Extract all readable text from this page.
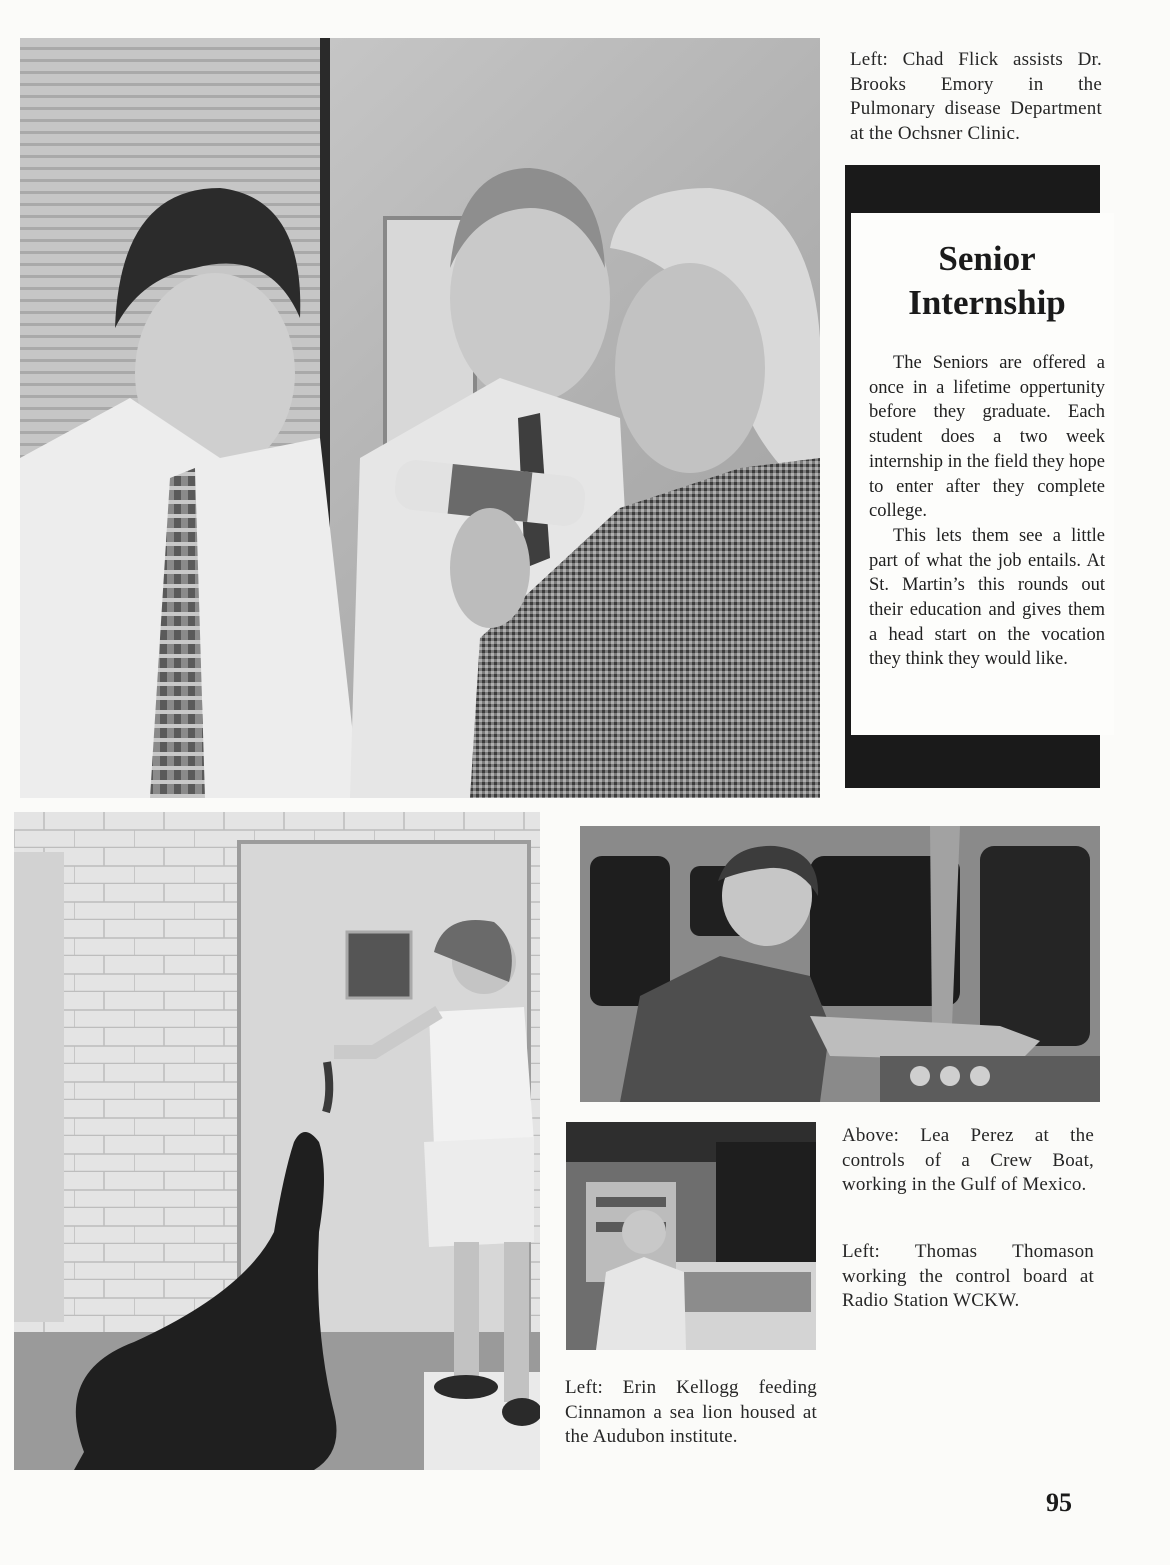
Left: Chad Flick assists Dr. Brooks Emory in the Pulmonary disease Department at the Ochsner Clinic.
Senior
Internship

The Seniors are offered a once in a lifetime oppertunity before they graduate. Each student does a two week internship in the field they hope to enter after they complete college.

This lets them see a little part of what the job entails. At St. Martin’s this rounds out their education and gives them a head start on the vocation they think they would like.

Above: Lea Perez at the controls of a Crew Boat, working in the Gulf of Mexico.
Left: Thomas Thomason working the control board at Radio Station WCKW.
Left: Erin Kellogg feeding Cinnamon a sea lion housed at the Audubon institute.
95
